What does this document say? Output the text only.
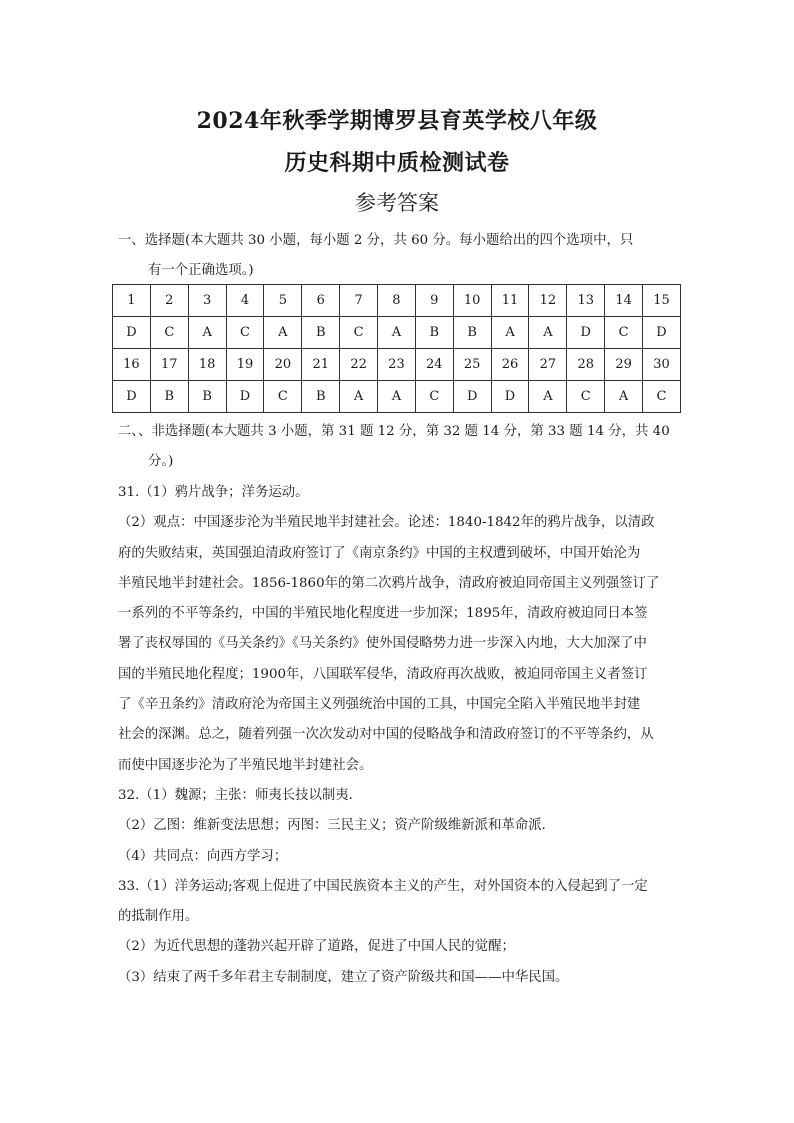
2024年秋季学期博罗县育英学校八年级
历史科期中质检测试卷
参考答案
一、选择题(本大题共 30 小题，每小题 2 分，共 60 分。每小题给出的四个选项中，只
有一个正确选项。)
1	2	3	4	5	6	7	8	9	10	11	12	13	14	15
D	C	A	C	A	B	C	A	B	B	A	A	D	C	D
16	17	18	19	20	21	22	23	24	25	26	27	28	29	30
D	B	B	D	C	B	A	A	C	D	D	A	C	A	C
二、、非选择题(本大题共 3 小题，第 31 题 12 分，第 32 题 14 分，第 33 题 14 分，共 40
分。)

31.（1）鸦片战争；洋务运动。

（2）观点：中国逐步沦为半殖民地半封建社会。论述：1840-1842年的鸦片战争，以清政

府的失败结束，英国强迫清政府签订了《南京条约》中国的主权遭到破坏，中国开始沦为

半殖民地半封建社会。1856-1860年的第二次鸦片战争，清政府被迫同帝国主义列强签订了

一系列的不平等条约，中国的半殖民地化程度进一步加深；1895年，清政府被迫同日本签

署了丧权辱国的《马关条约》《马关条约》使外国侵略势力进一步深入内地，大大加深了中

国的半殖民地化程度；1900年，八国联军侵华，清政府再次战败，被迫同帝国主义者签订

了《辛丑条约》清政府沦为帝国主义列强统治中国的工具，中国完全陷入半殖民地半封建

社会的深渊。总之，随着列强一次次发动对中国的侵略战争和清政府签订的不平等条约，从

而使中国逐步沦为了半殖民地半封建社会。

32.（1）魏源；主张：师夷长技以制夷．

（2）乙图：维新变法思想；丙图：三民主义；资产阶级维新派和革命派．

（4）共同点：向西方学习；

33.（1）洋务运动;客观上促进了中国民族资本主义的产生，对外国资本的入侵起到了一定

的抵制作用。

（2）为近代思想的蓬勃兴起开辟了道路，促进了中国人民的觉醒；

（3）结束了两千多年君主专制制度，建立了资产阶级共和国——中华民国。
